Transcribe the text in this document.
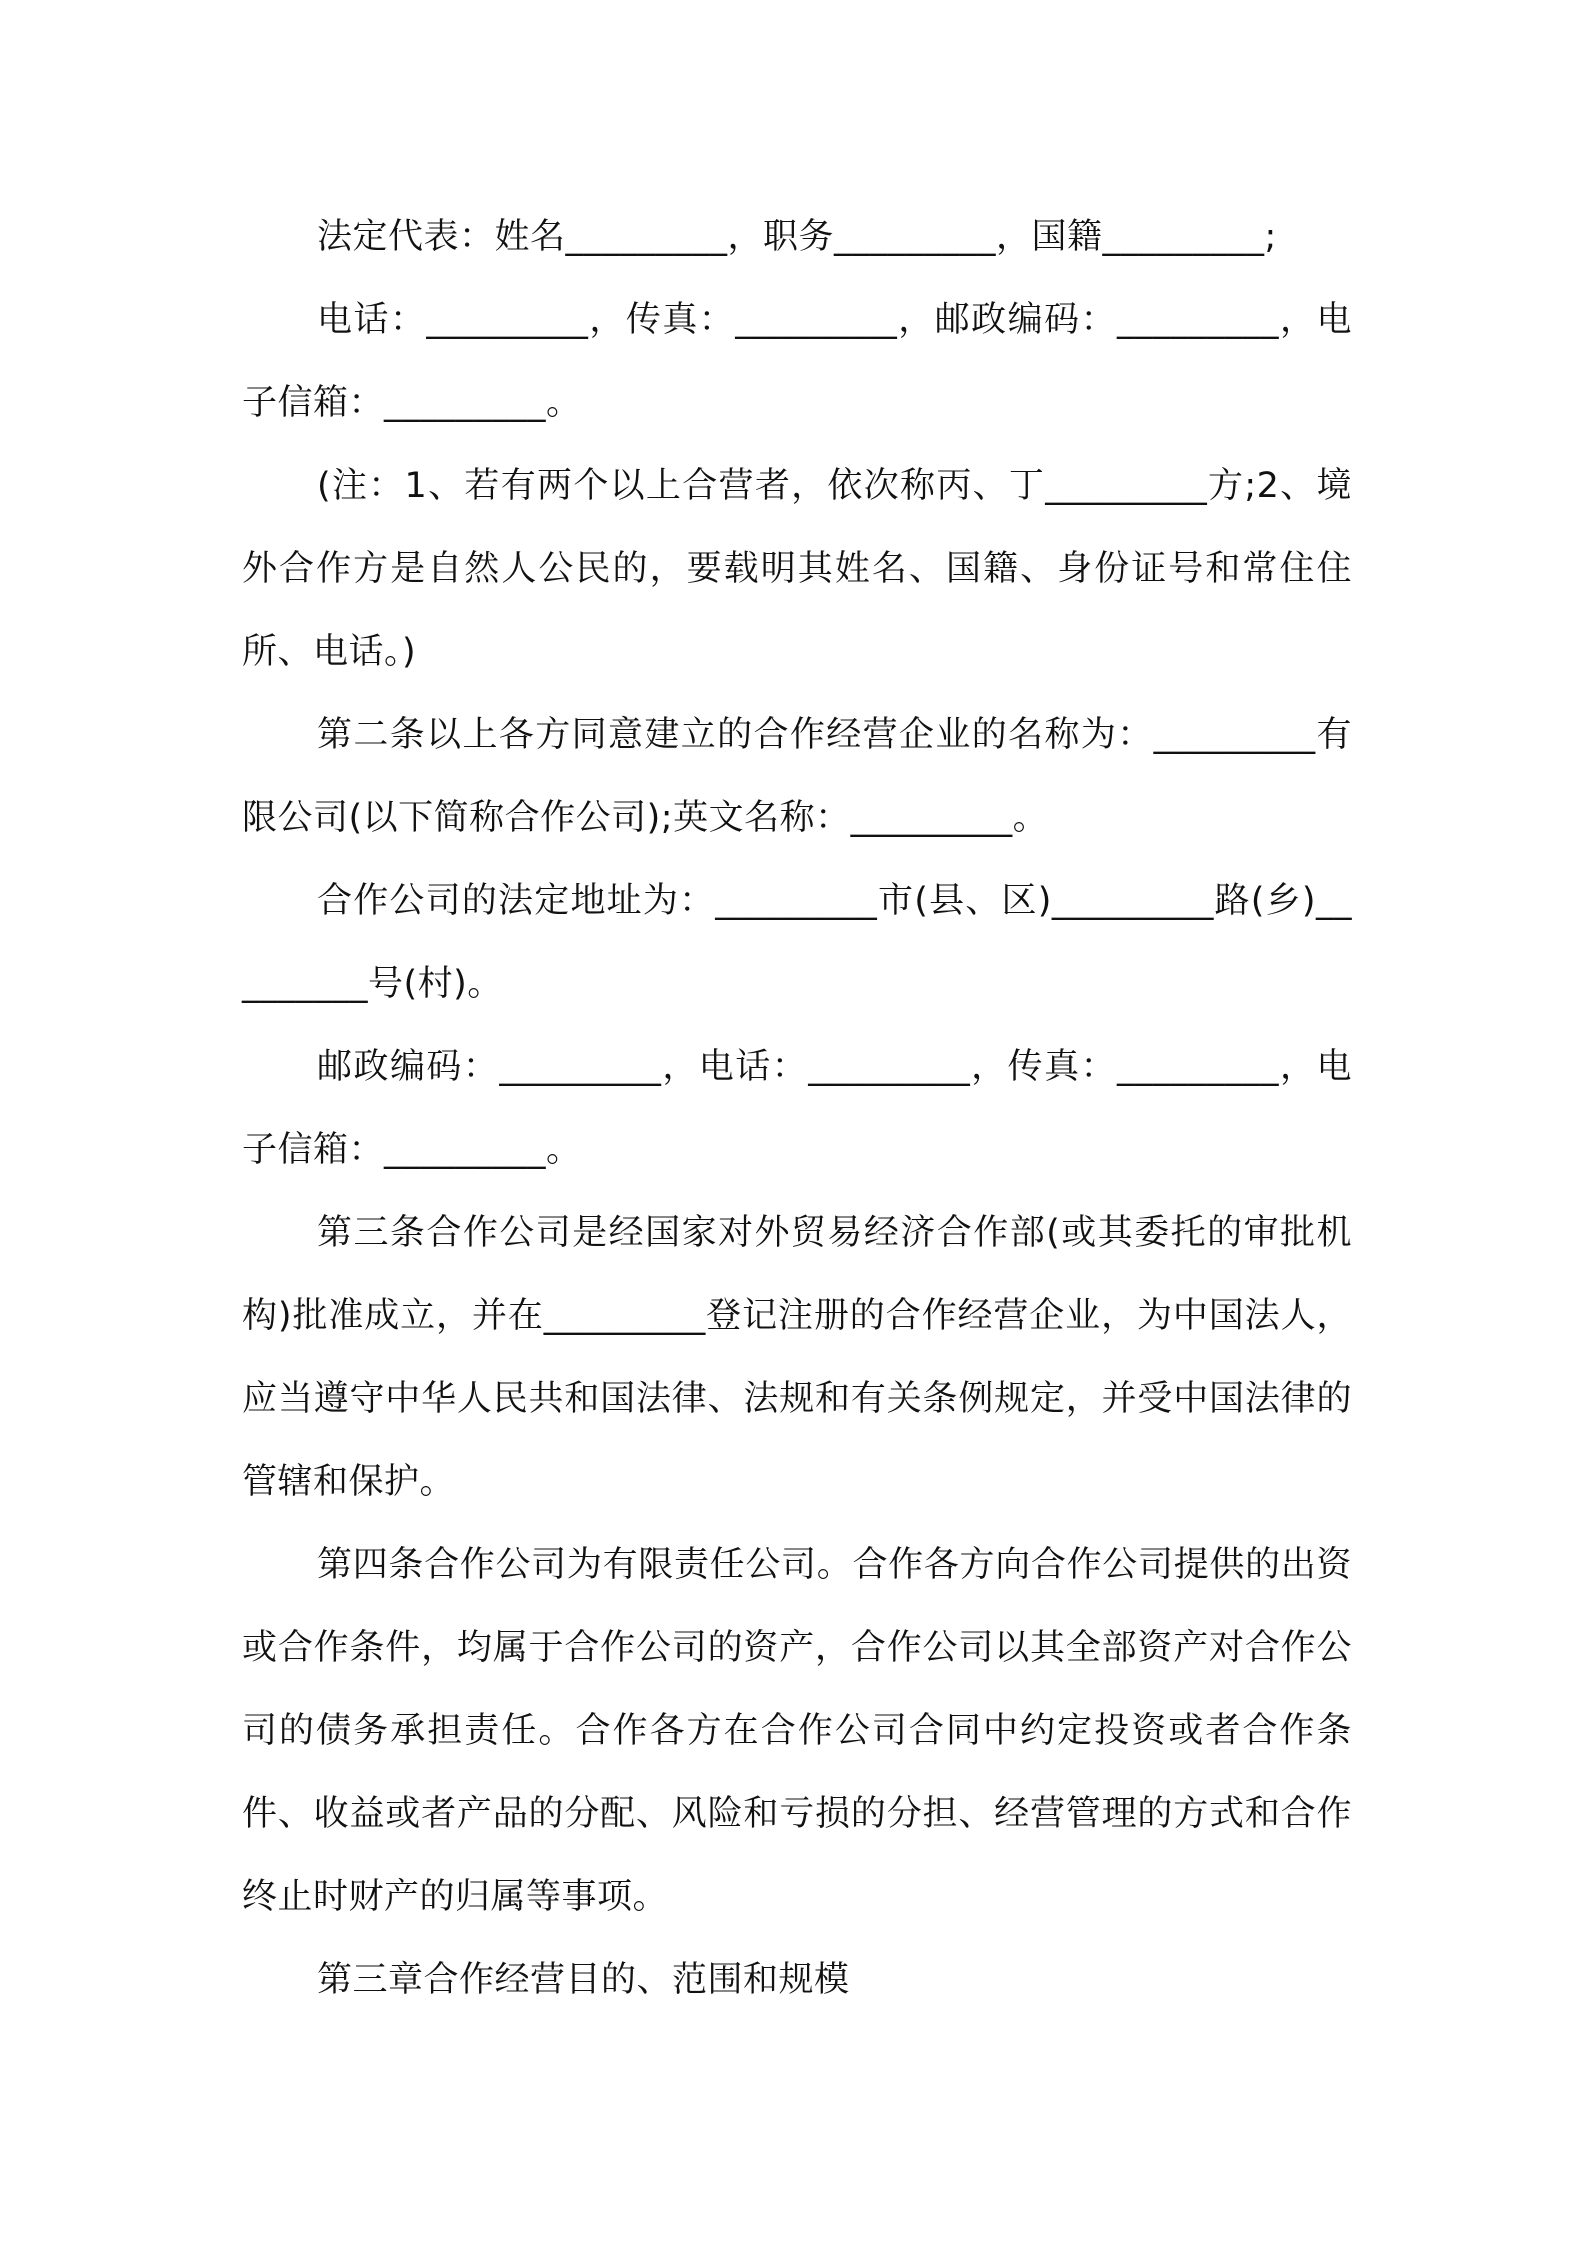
法定代表：姓名_________，职务_________，国籍_________;

电话：_________，传真：_________，邮政编码：_________，电子信箱：_________。

(注：1、若有两个以上合营者，依次称丙、丁_________方;2、境外合作方是自然人公民的，要载明其姓名、国籍、身份证号和常住住所、电话。)

第二条以上各方同意建立的合作经营企业的名称为：_________有限公司(以下简称合作公司);英文名称：_________。

合作公司的法定地址为：_________市(县、区)_________路(乡)_________号(村)。

邮政编码：_________，电话：_________，传真：_________，电子信箱：_________。

第三条合作公司是经国家对外贸易经济合作部(或其委托的审批机构)批准成立，并在_________登记注册的合作经营企业，为中国法人，应当遵守中华人民共和国法律、法规和有关条例规定，并受中国法律的管辖和保护。

第四条合作公司为有限责任公司。合作各方向合作公司提供的出资或合作条件，均属于合作公司的资产，合作公司以其全部资产对合作公司的债务承担责任。合作各方在合作公司合同中约定投资或者合作条件、收益或者产品的分配、风险和亏损的分担、经营管理的方式和合作终止时财产的归属等事项。

第三章合作经营目的、范围和规模
